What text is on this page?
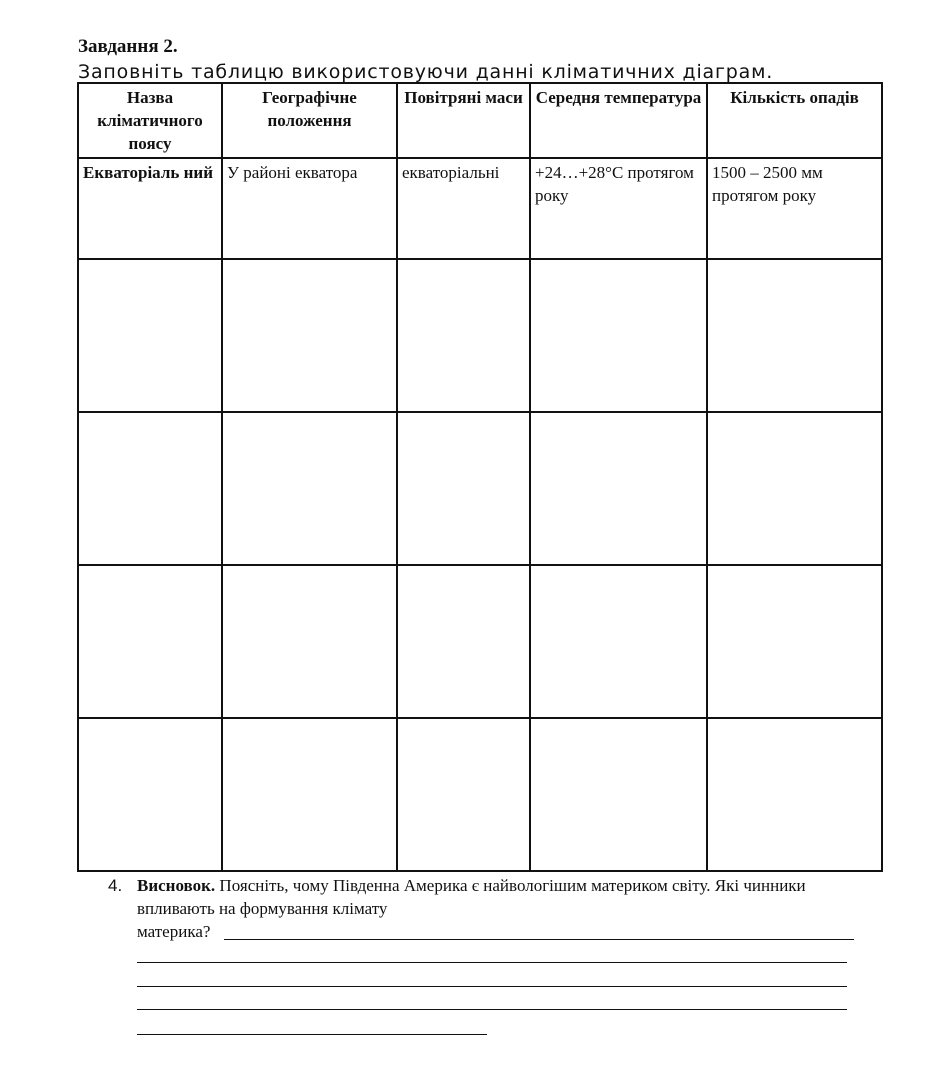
Завдання 2.
Заповніть таблицю використовуючи данні кліматичних діаграм.
Назва кліматичного поясу	Географічне положення	Повітряні маси	Середня температура	Кількість опадів
Екваторіаль ний	У районі екватора	екваторіальні	+24…+28°С протягом року	1500 – 2500 мм протягом року

4. Висновок. Поясніть, чому Південна Америка є найвологішим материком світу. Які чинники впливають на формування клімату
материка?
